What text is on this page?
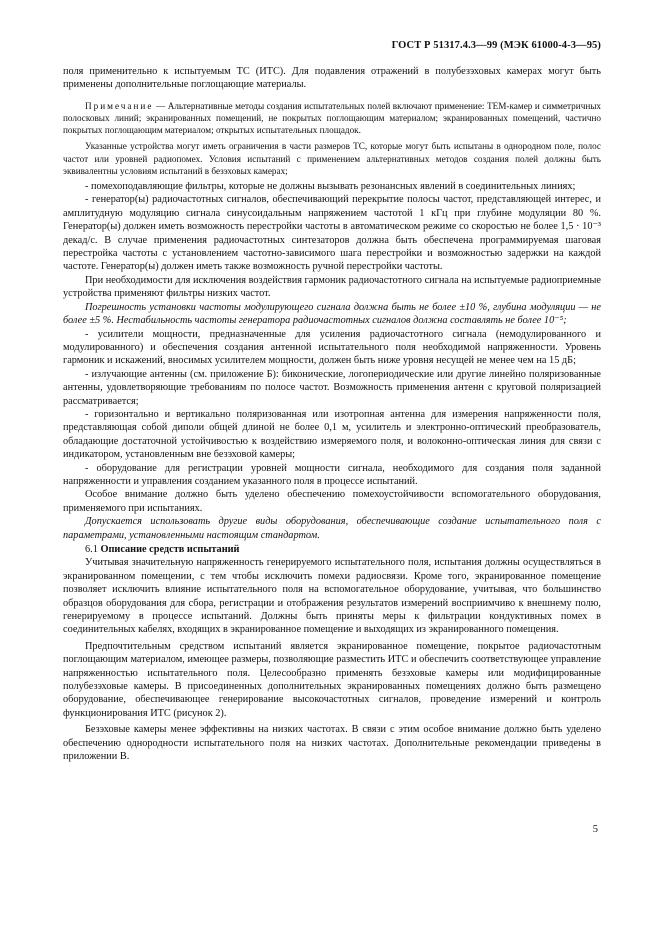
ГОСТ Р 51317.4.3—99 (МЭК 61000-4-3—95)

поля применительно к испытуемым ТС (ИТС). Для подавления отражений в полубезэховых камерах могут быть применены дополнительные поглощающие материалы.

Примечание — Альтернативные методы создания испытательных полей включают применение: ТЕМ-камер и симметричных полосковых линий; экранированных помещений, не покрытых поглощающим материалом; экранированных помещений, частично покрытых поглощающим материалом; открытых испытательных площадок.

Указанные устройства могут иметь ограничения в части размеров ТС, которые могут быть испытаны в однородном поле, полос частот или уровней радиопомех. Условия испытаний с применением альтернативных методов создания полей должны быть эквивалентны условиям испытаний в безэховых камерах;

- помехоподавляющие фильтры, которые не должны вызывать резонансных явлений в соединительных линиях;

- генератор(ы) радиочастотных сигналов, обеспечивающий перекрытие полосы частот, представляющей интерес, и амплитудную модуляцию сигнала синусоидальным напряжением частотой 1 кГц при глубине модуляции 80 %. Генератор(ы) должен иметь возможность перестройки частоты в автоматическом режиме со скоростью не более 1,5 · 10⁻³ декад/с. В случае применения радиочастотных синтезаторов должна быть обеспечена программируемая шаговая перестройка частоты с установлением частотно-зависимого шага перестройки и возможностью задержки на каждой частоте. Генератор(ы) должен иметь также возможность ручной перестройки частоты.

При необходимости для исключения воздействия гармоник радиочастотного сигнала на испытуемые радиоприемные устройства применяют фильтры низких частот.

Погрешность установки частоты модулирующего сигнала должна быть не более ±10 %, глубина модуляции — не более ±5 %. Нестабильность частоты генератора радиочастотных сигналов должна составлять не более 10⁻⁵;

- усилители мощности, предназначенные для усиления радиочастотного сигнала (немодулированного и модулированного) и обеспечения создания антенной испытательного поля необходимой напряженности. Уровень гармоник и искажений, вносимых усилителем мощности, должен быть ниже уровня несущей не менее чем на 15 дБ;

- излучающие антенны (см. приложение Б): биконические, логопериодические или другие линейно поляризованные антенны, удовлетворяющие требованиям по полосе частот. Возможность применения антенн с круговой поляризацией рассматривается;

- горизонтально и вертикально поляризованная или изотропная антенна для измерения напряженности поля, представляющая собой диполи общей длиной не более 0,1 м, усилитель и электронно-оптический преобразователь, обладающие достаточной устойчивостью к воздействию измеряемого поля, и волоконно-оптическая линия для связи с индикатором, установленным вне безэховой камеры;

- оборудование для регистрации уровней мощности сигнала, необходимого для создания поля заданной напряженности и управления созданием указанного поля в процессе испытаний.

Особое внимание должно быть уделено обеспечению помехоустойчивости вспомогательного оборудования, применяемого при испытаниях.

Допускается использовать другие виды оборудования, обеспечивающие создание испытательного поля с параметрами, установленными настоящим стандартом.

6.1 Описание средств испытаний

Учитывая значительную напряженность генерируемого испытательного поля, испытания должны осуществляться в экранированном помещении, с тем чтобы исключить помехи радиосвязи. Кроме того, экранированное помещение позволяет исключить влияние испытательного поля на вспомогательное оборудование, учитывая, что большинство образцов оборудования для сбора, регистрации и отображения результатов измерений восприимчиво к внешнему полю, генерируемому в процессе испытаний. Должны быть приняты меры к фильтрации кондуктивных помех в соединительных кабелях, входящих в экранированное помещение и выходящих из экранированного помещения.

Предпочтительным средством испытаний является экранированное помещение, покрытое радиочастотным поглощающим материалом, имеющее размеры, позволяющие разместить ИТС и обеспечить соответствующее управление напряженностью испытательного поля. Целесообразно применять безэховые камеры или модифицированные полубезэховые камеры. В присоединенных дополнительных экранированных помещениях должно быть размещено оборудование, обеспечивающее генерирование высокочастотных сигналов, проведение измерений и контроль функционирования ИТС (рисунок 2).

Безэховые камеры менее эффективны на низких частотах. В связи с этим особое внимание должно быть уделено обеспечению однородности испытательного поля на низких частотах. Дополнительные рекомендации приведены в приложении В.

5
